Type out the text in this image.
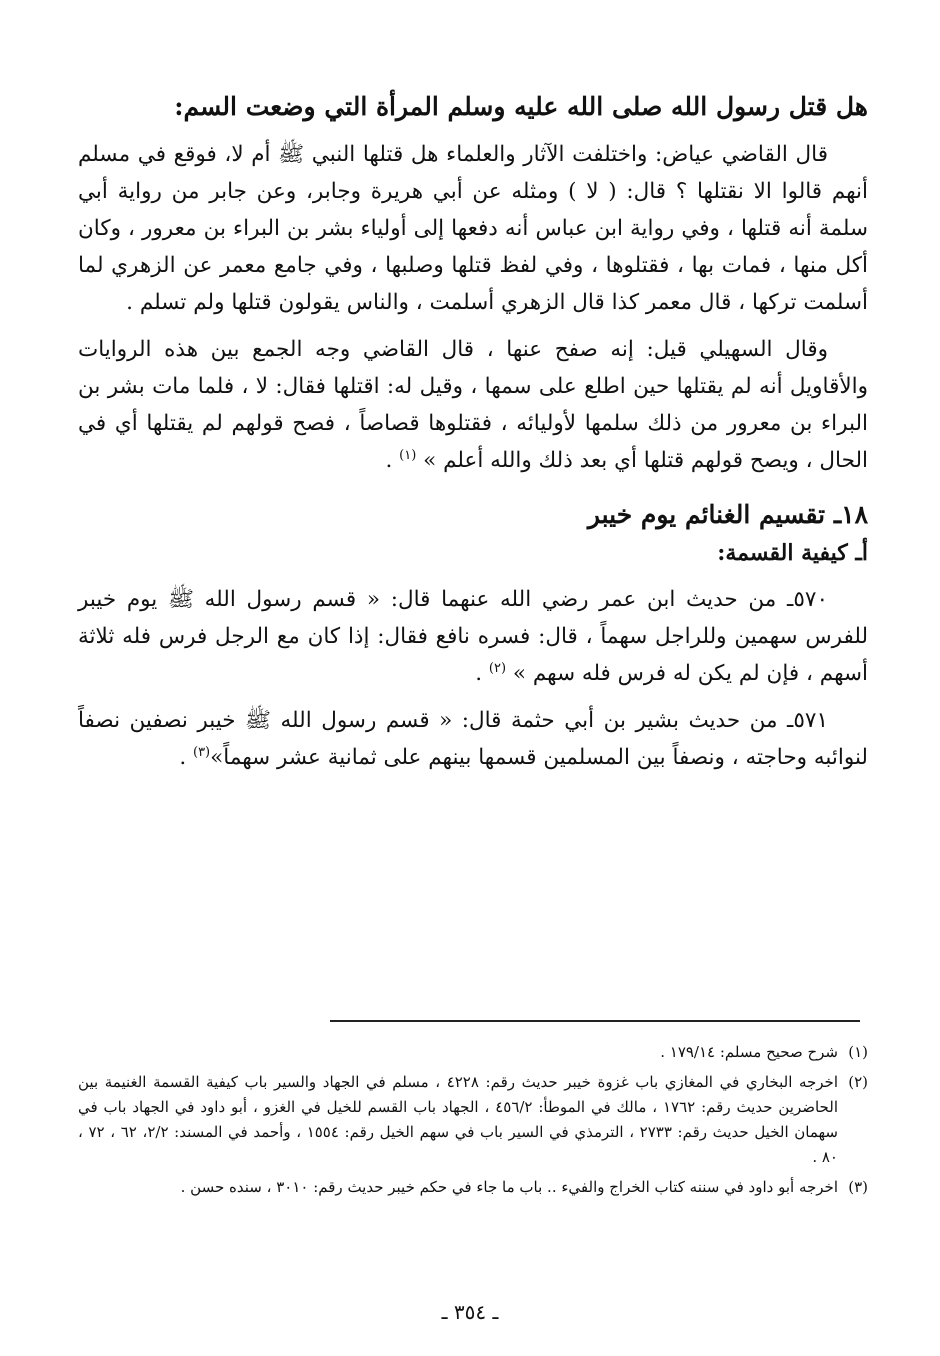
هل قتل رسول الله صلى الله عليه وسلم المرأة التي وضعت السم:

قال القاضي عياض: واختلفت الآثار والعلماء هل قتلها النبي ﷺ أم لا، فوقع في مسلم أنهم قالوا الا نقتلها ؟ قال: ( لا ) ومثله عن أبي هريرة وجابر، وعن جابر من رواية أبي سلمة أنه قتلها ، وفي رواية ابن عباس أنه دفعها إلى أولياء بشر بن البراء بن معرور ، وكان أكل منها ، فمات بها ، فقتلوها ، وفي لفظ قتلها وصلبها ، وفي جامع معمر عن الزهري لما أسلمت تركها ، قال معمر كذا قال الزهري أسلمت ، والناس يقولون قتلها ولم تسلم .

وقال السهيلي قيل: إنه صفح عنها ، قال القاضي وجه الجمع بين هذه الروايات والأقاويل أنه لم يقتلها حين اطلع على سمها ، وقيل له: اقتلها فقال: لا ، فلما مات بشر بن البراء بن معرور من ذلك سلمها لأوليائه ، فقتلوها قصاصاً ، فصح قولهم لم يقتلها أي في الحال ، ويصح قولهم قتلها أي بعد ذلك والله أعلم » $^{(١)}$ .

١٨ـ تقسيم الغنائم يوم خيبر
أـ كيفية القسمة:

٥٧٠ـ من حديث ابن عمر رضي الله عنهما قال: « قسم رسول الله ﷺ يوم خيبر للفرس سهمين وللراجل سهماً ، قال: فسره نافع فقال: إذا كان مع الرجل فرس فله ثلاثة أسهم ، فإن لم يكن له فرس فله سهم » $^{(٢)}$ .

٥٧١ـ من حديث بشير بن أبي حثمة قال: « قسم رسول الله ﷺ خيبر نصفين نصفاً لنوائبه وحاجته ، ونصفاً بين المسلمين قسمها بينهم على ثمانية عشر سهماً»$^{(٣)}$ .

(١)
شرح صحيح مسلم: ١٧٩/١٤ .
(٢)
اخرجه البخاري في المغازي باب غزوة خيبر حديث رقم: ٤٢٢٨ ، مسلم في الجهاد والسير باب كيفية القسمة الغنيمة بين الحاضرين حديث رقم: ١٧٦٢ ، مالك في الموطأ: ٤٥٦/٢ ، الجهاد باب القسم للخيل في الغزو ، أبو داود في الجهاد باب في سهمان الخيل حديث رقم: ٢٧٣٣ ، الترمذي في السير باب في سهم الخيل رقم: ١٥٥٤ ، وأحمد في المسند: ٢/٢، ٦٢ ، ٧٢ ، ٨٠ .
(٣)
اخرجه أبو داود في سننه كتاب الخراج والفيء .. باب ما جاء في حكم خيبر حديث رقم: ٣٠١٠ ، سنده حسن .
ـ ٣٥٤ ـ
